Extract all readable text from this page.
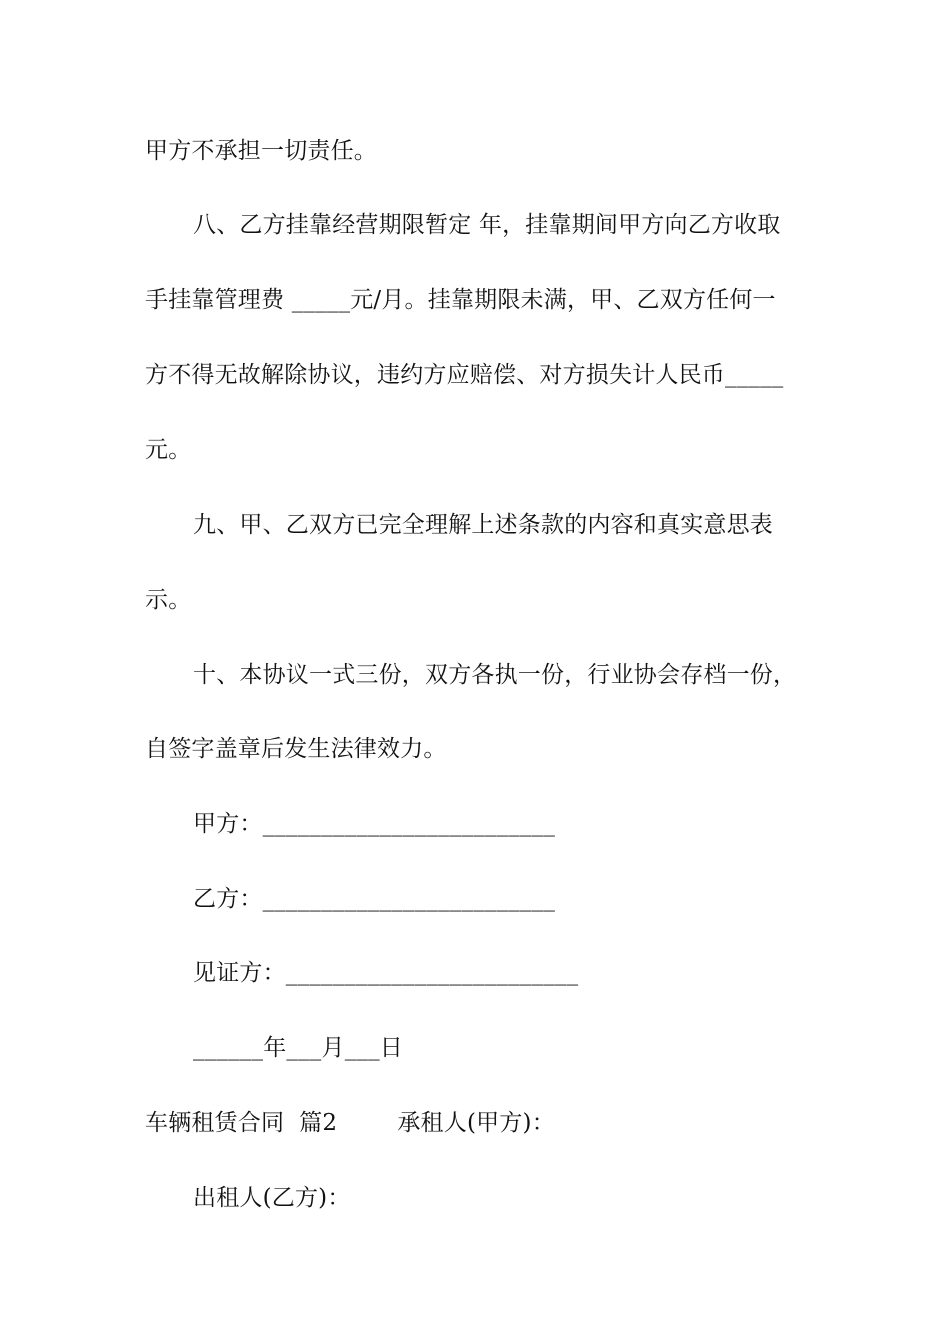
甲方不承担一切责任。
八、乙方挂靠经营期限暂定 年，挂靠期间甲方向乙方收取
手挂靠管理费 _____元/月。挂靠期限未满，甲、乙双方任何一
方不得无故解除协议，违约方应赔偿、对方损失计人民币_____
元。
九、甲、乙双方已完全理解上述条款的内容和真实意思表
示。
十、本协议一式三份，双方各执一份，行业协会存档一份，
自签字盖章后发生法律效力。
甲方：_________________________
乙方：_________________________
见证方：_________________________
______年___月___日
车辆租赁合同  篇2        承租人(甲方)：
出租人(乙方)：
